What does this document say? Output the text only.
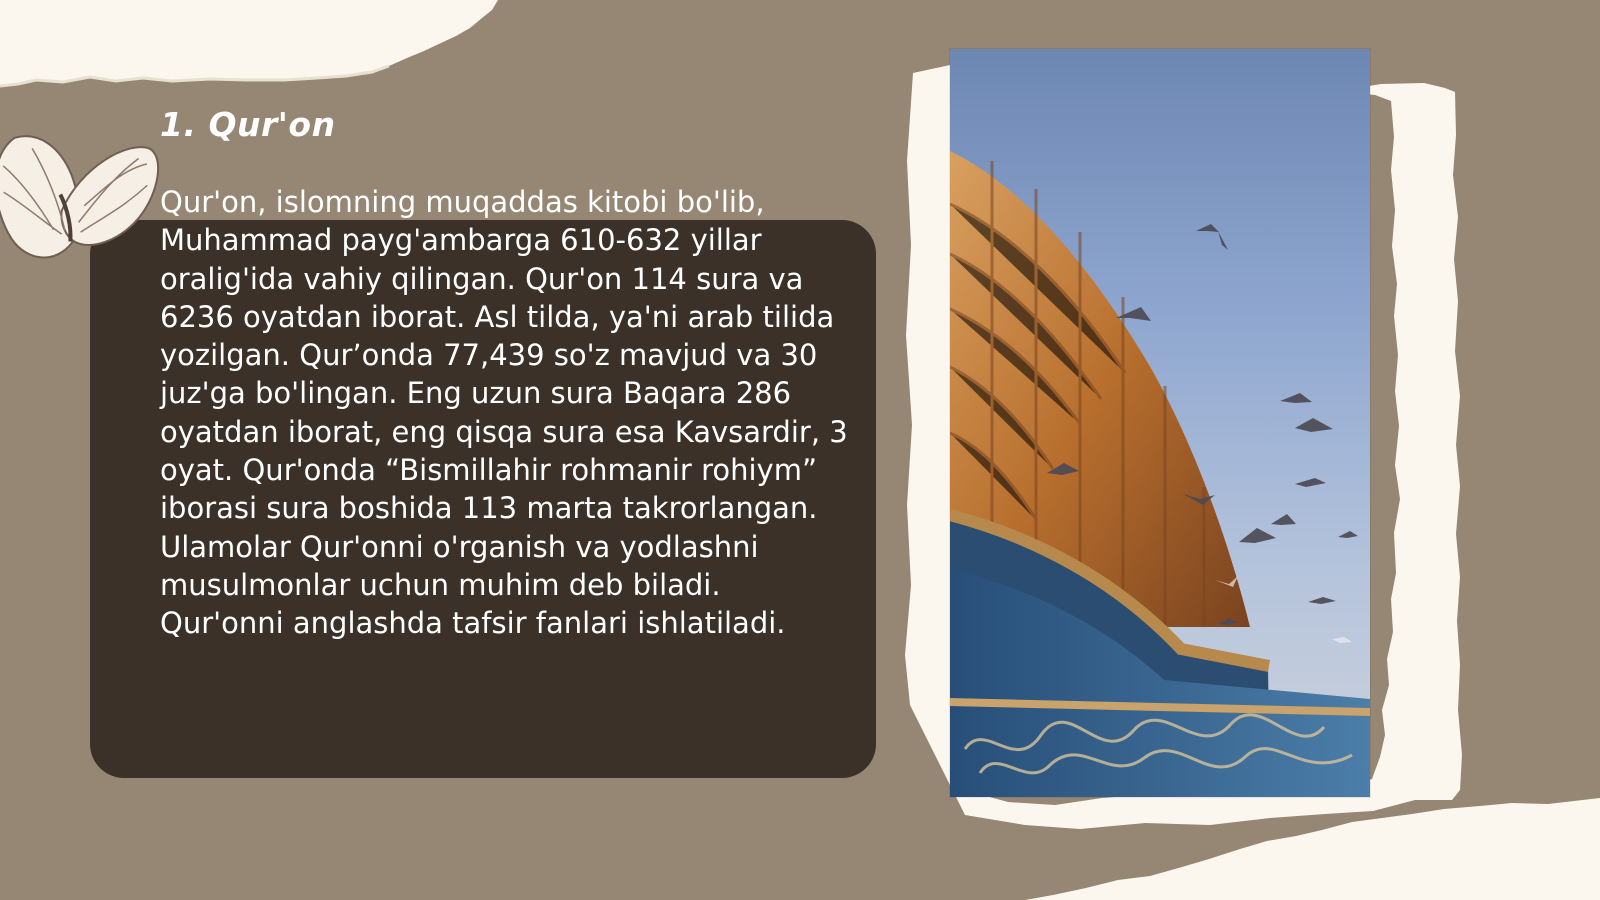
1. Qur'on

Qur'on, islomning muqaddas kitobi bo'lib, Muhammad payg'ambarga 610-632 yillar oralig'ida vahiy qilingan. Qur'on 114 sura va 6236 oyatdan iborat. Asl tilda, ya'ni arab tilida yozilgan. Qur’onda 77,439 so'z mavjud va 30 juz'ga bo'lingan. Eng uzun sura Baqara 286 oyatdan iborat, eng qisqa sura esa Kavsardir, 3 oyat. Qur'onda “Bismillahir rohmanir rohiym” iborasi sura boshida 113 marta takrorlangan. Ulamolar Qur'onni o'rganish va yodlashni musulmonlar uchun muhim deb biladi. Qur'onni anglashda tafsir fanlari ishlatiladi.
